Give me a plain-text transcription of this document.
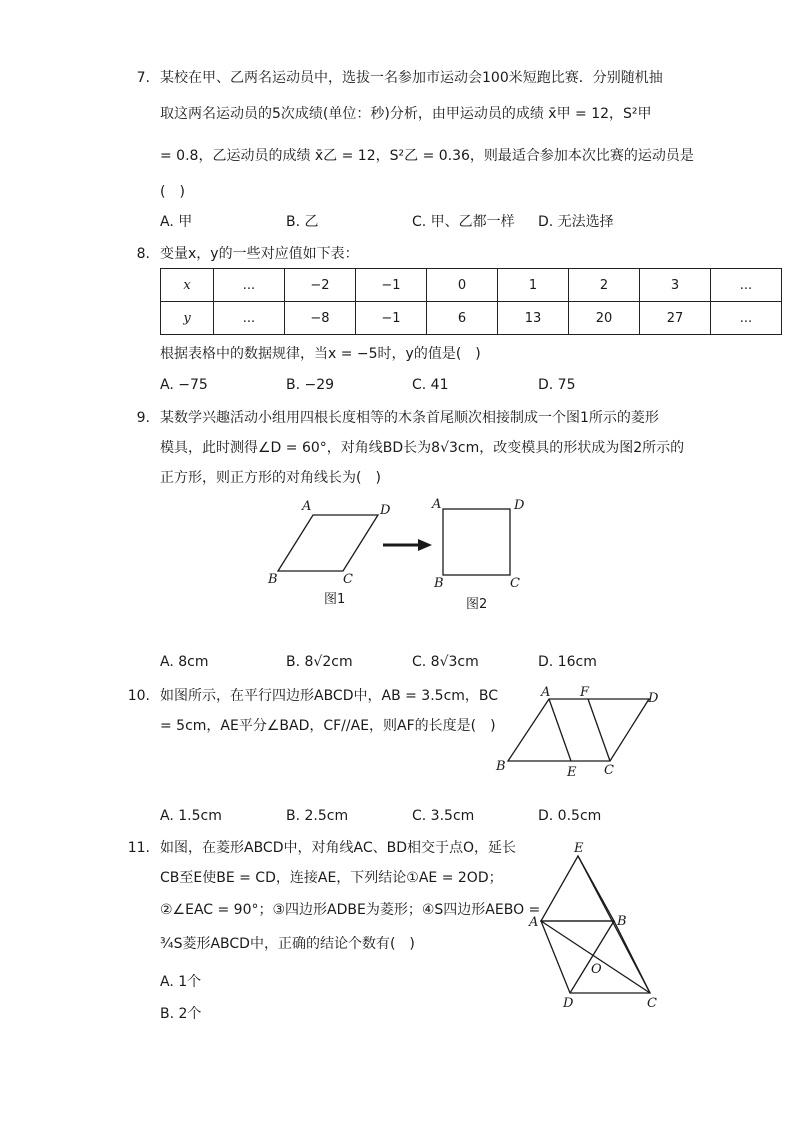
7. 某校在甲、乙两名运动员中，选拔一名参加市运动会100米短跑比赛．分别随机抽
取这两名运动员的5次成绩(单位：秒)分析，由甲运动员的成绩 x̄甲 = 12，S²甲
= 0.8，乙运动员的成绩 x̄乙 = 12，S²乙 = 0.36，则最适合参加本次比赛的运动员是
(　)
A. 甲	B. 乙	C. 甲、乙都一样 D. 无法选择
8. 变量x，y的一些对应值如下表：
x	...	−2	−1	0	1	2	3	...
y	...	−8	−1	6	13	20	27	...
根据表格中的数据规律，当x = −5时，y的值是(　)
A. −75	B. −29	C. 41	D. 75
9. 某数学兴趣活动小组用四根长度相等的木条首尾顺次相接制成一个图1所示的菱形
模具，此时测得∠D = 60°，对角线BD长为8√3cm，改变模具的形状成为图2所示的
正方形，则正方形的对角线长为(　)
A	D
B	C
图1
A	D
B	C
图2
A. 8cm	B. 8√2cm	C. 8√3cm	D. 16cm
10. 如图所示，在平行四边形ABCD中，AB = 3.5cm，BC
= 5cm，AE平分∠BAD，CF//AE，则AF的长度是(　)
A F	D
B	E C
A. 1.5cm	B. 2.5cm	C. 3.5cm	D. 0.5cm
11. 如图，在菱形ABCD中，对角线AC、BD相交于点O，延长
CB至E使BE = CD，连接AE，下列结论①AE = 2OD；
②∠EAC = 90°；③四边形ADBE为菱形；④S四边形AEBO =
¾S菱形ABCD中，正确的结论个数有(　)
A. 1个
B. 2个
E
A	B
O
D	C
